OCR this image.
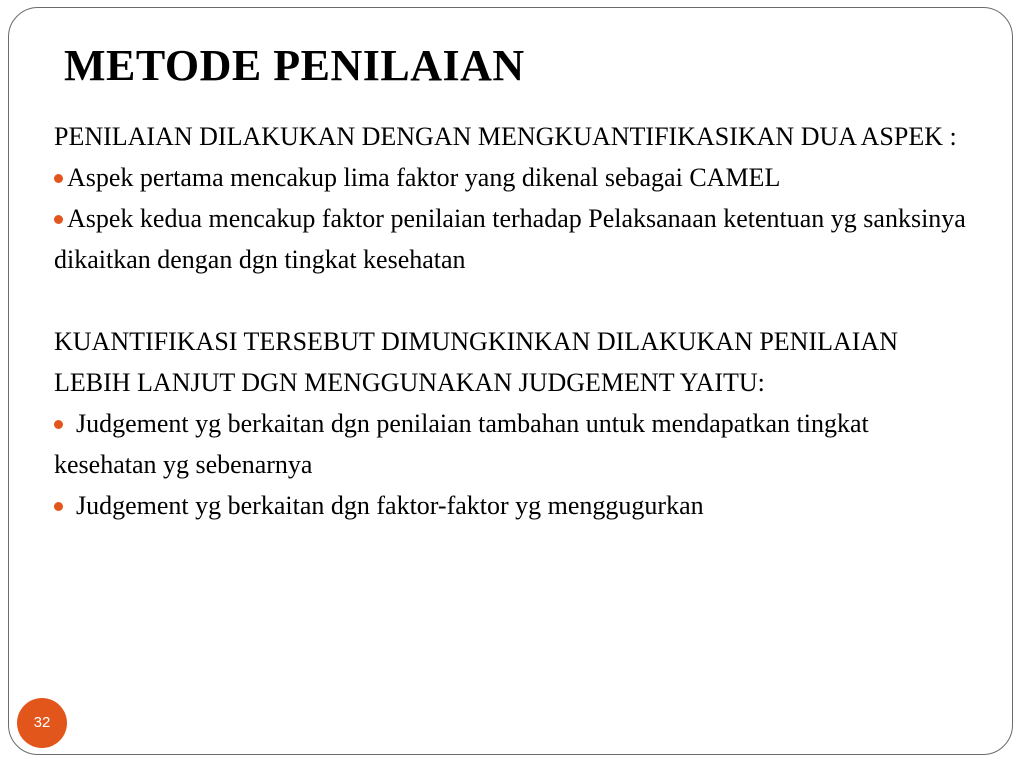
METODE PENILAIAN

PENILAIAN DILAKUKAN DENGAN MENGKUANTIFIKASIKAN DUA ASPEK :

Aspek pertama mencakup lima faktor yang dikenal sebagai CAMEL

Aspek kedua mencakup faktor penilaian terhadap Pelaksanaan ketentuan yg sanksinya dikaitkan dengan dgn tingkat kesehatan

KUANTIFIKASI TERSEBUT DIMUNGKINKAN DILAKUKAN PENILAIAN LEBIH LANJUT DGN MENGGUNAKAN JUDGEMENT YAITU:

Judgement yg berkaitan dgn penilaian tambahan untuk mendapatkan tingkat kesehatan yg sebenarnya

Judgement yg berkaitan dgn faktor-faktor yg menggugurkan

32
